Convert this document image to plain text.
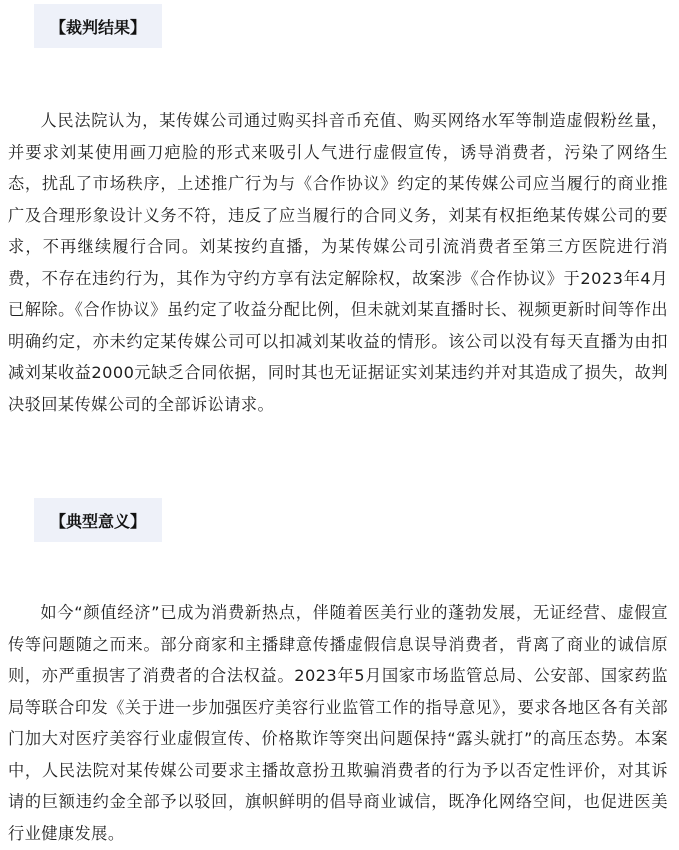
【裁判结果】

人民法院认为，某传媒公司通过购买抖音币充值、购买网络水军等制造虚假粉丝量，并要求刘某使用画刀疤脸的形式来吸引人气进行虚假宣传，诱导消费者，污染了网络生态，扰乱了市场秩序，上述推广行为与《合作协议》约定的某传媒公司应当履行的商业推广及合理形象设计义务不符，违反了应当履行的合同义务，刘某有权拒绝某传媒公司的要求，不再继续履行合同。刘某按约直播，为某传媒公司引流消费者至第三方医院进行消费，不存在违约行为，其作为守约方享有法定解除权，故案涉《合作协议》于2023年4月已解除。《合作协议》虽约定了收益分配比例，但未就刘某直播时长、视频更新时间等作出明确约定，亦未约定某传媒公司可以扣减刘某收益的情形。该公司以没有每天直播为由扣减刘某收益2000元缺乏合同依据，同时其也无证据证实刘某违约并对其造成了损失，故判决驳回某传媒公司的全部诉讼请求。

【典型意义】

如今“颜值经济”已成为消费新热点，伴随着医美行业的蓬勃发展，无证经营、虚假宣传等问题随之而来。部分商家和主播肆意传播虚假信息误导消费者，背离了商业的诚信原则，亦严重损害了消费者的合法权益。2023年5月国家市场监管总局、公安部、国家药监局等联合印发《关于进一步加强医疗美容行业监管工作的指导意见》，要求各地区各有关部门加大对医疗美容行业虚假宣传、价格欺诈等突出问题保持“露头就打”的高压态势。本案中，人民法院对某传媒公司要求主播故意扮丑欺骗消费者的行为予以否定性评价，对其诉请的巨额违约金全部予以驳回，旗帜鲜明的倡导商业诚信，既净化网络空间，也促进医美行业健康发展。
